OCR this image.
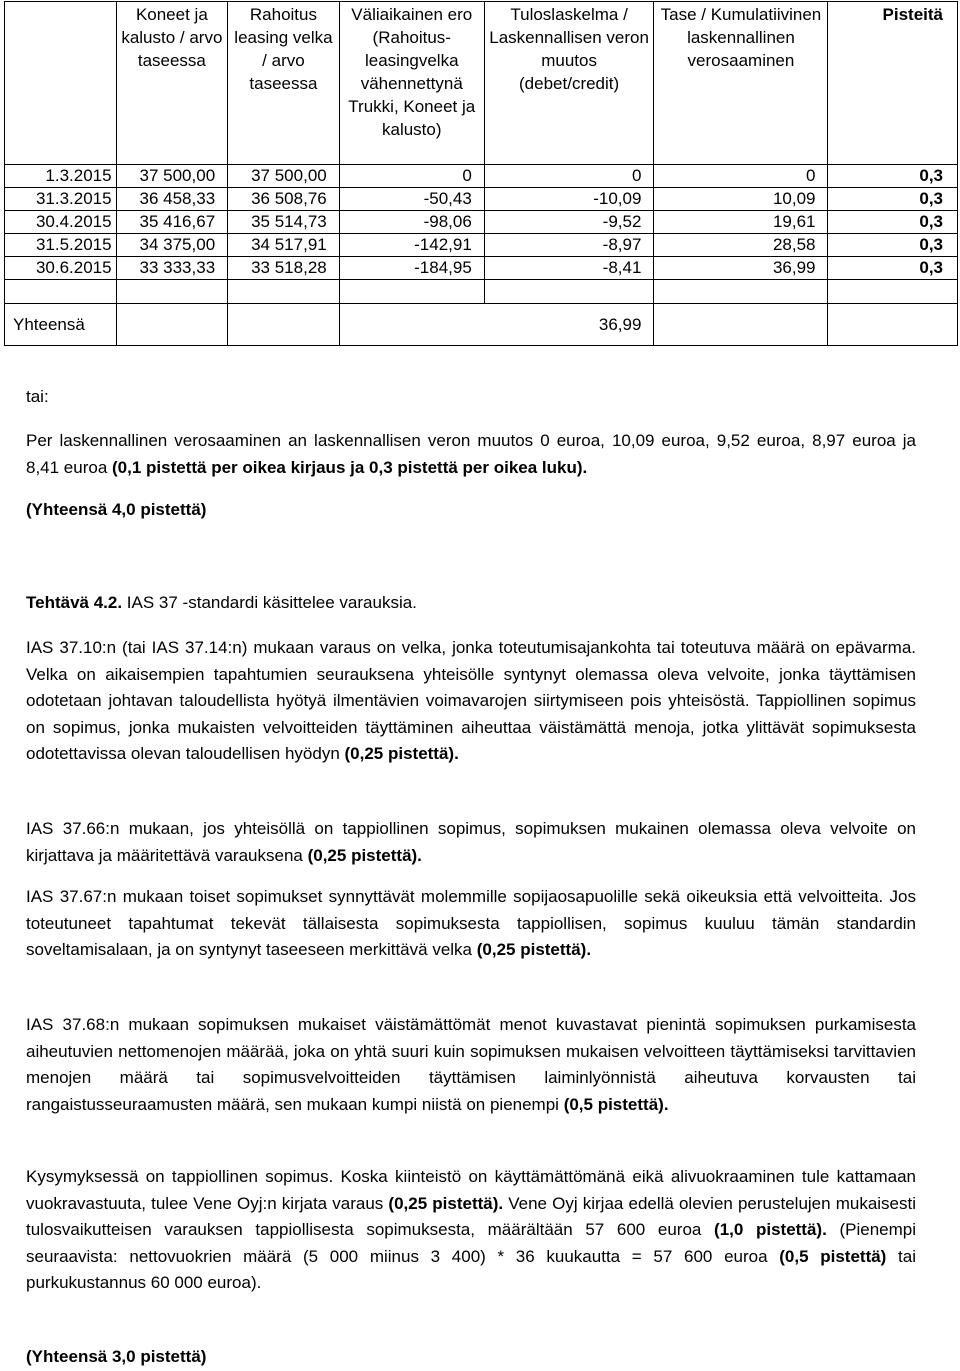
	Koneet ja kalusto / arvo taseessa	Rahoitus leasing velka / arvo taseessa	Väliaikainen ero (Rahoitus-leasingvelka vähennettynä Trukki, Koneet ja kalusto)	Tuloslaskelma / Laskennallisen veron muutos (debet/credit)	Tase / Kumulatiivinen laskennallinen verosaaminen	Pisteitä
1.3.2015	37 500,00	37 500,00	0	0	0	0,3
31.3.2015	36 458,33	36 508,76	-50,43	-10,09	10,09	0,3
30.4.2015	35 416,67	35 514,73	-98,06	-9,52	19,61	0,3
31.5.2015	34 375,00	34 517,91	-142,91	-8,97	28,58	0,3
30.6.2015	33 333,33	33 518,28	-184,95	-8,41	36,99	0,3

Yhteensä			36,99			

tai:

Per laskennallinen verosaaminen an laskennallisen veron muutos 0 euroa, 10,09 euroa, 9,52 euroa, 8,97 euroa ja 8,41 euroa (0,1 pistettä per oikea kirjaus ja 0,3 pistettä per oikea luku).

(Yhteensä 4,0 pistettä)

Tehtävä 4.2. IAS 37 -standardi käsittelee varauksia.

IAS 37.10:n (tai IAS 37.14:n) mukaan varaus on velka, jonka toteutumisajankohta tai toteutuva määrä on epävarma. Velka on aikaisempien tapahtumien seurauksena yhteisölle syntynyt olemassa oleva velvoite, jonka täyttämisen odotetaan johtavan taloudellista hyötyä ilmentävien voimavarojen siirtymiseen pois yhteisöstä. Tappiollinen sopimus on sopimus, jonka mukaisten velvoitteiden täyttäminen aiheuttaa väistämättä menoja, jotka ylittävät sopimuksesta odotettavissa olevan taloudellisen hyödyn (0,25 pistettä).

IAS 37.66:n mukaan, jos yhteisöllä on tappiollinen sopimus, sopimuksen mukainen olemassa oleva velvoite on kirjattava ja määritettävä varauksena (0,25 pistettä).

IAS 37.67:n mukaan toiset sopimukset synnyttävät molemmille sopijaosapuolille sekä oikeuksia että velvoitteita. Jos toteutuneet tapahtumat tekevät tällaisesta sopimuksesta tappiollisen, sopimus kuuluu tämän standardin soveltamisalaan, ja on syntynyt taseeseen merkittävä velka (0,25 pistettä).

IAS 37.68:n mukaan sopimuksen mukaiset väistämättömät menot kuvastavat pienintä sopimuksen purkamisesta aiheutuvien nettomenojen määrää, joka on yhtä suuri kuin sopimuksen mukaisen velvoitteen täyttämiseksi tarvittavien menojen määrä tai sopimusvelvoitteiden täyttämisen laiminlyönnistä aiheutuva korvausten tai rangaistusseuraamusten määrä, sen mukaan kumpi niistä on pienempi (0,5 pistettä).

Kysymyksessä on tappiollinen sopimus. Koska kiinteistö on käyttämättömänä eikä alivuokraaminen tule kattamaan vuokravastuuta, tulee Vene Oyj:n kirjata varaus (0,25 pistettä). Vene Oyj kirjaa edellä olevien perustelujen mukaisesti tulosvaikutteisen varauksen tappiollisesta sopimuksesta, määrältään 57 600 euroa (1,0 pistettä). (Pienempi seuraavista: nettovuokrien määrä (5 000 miinus 3 400) * 36 kuukautta = 57 600 euroa (0,5 pistettä) tai purkukustannus 60 000 euroa).

(Yhteensä 3,0 pistettä)
